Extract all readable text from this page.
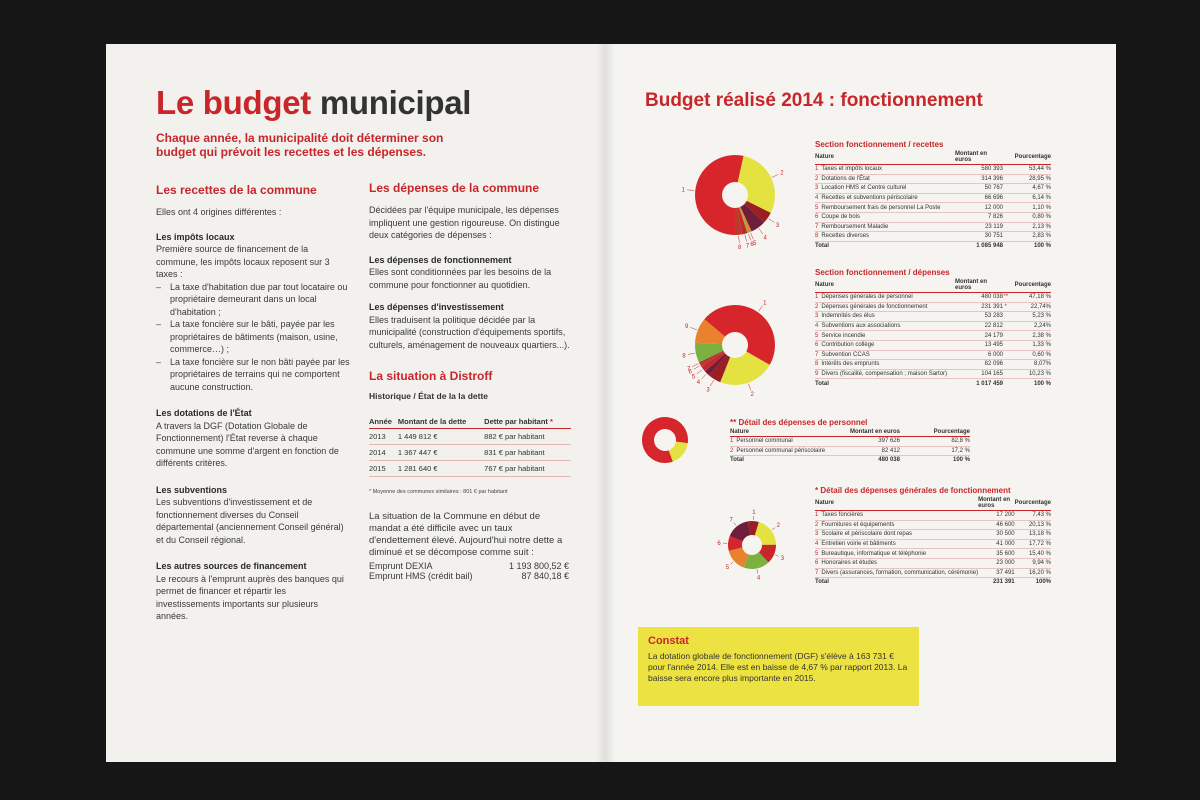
Le budget municipal
Chaque année, la municipalité doit déterminer son budget qui prévoit les recettes et les dépenses.
Les recettes de la commune

Elles ont 4 origines différentes :

Les impôts locaux
Première source de financement de la commune, les impôts locaux reposent sur 3 taxes :
– La taxe d'habitation due par tout locataire ou propriétaire demeurant dans un local d'habitation ;
– La taxe foncière sur le bâti, payée par les propriétaires de bâtiments (maison, usine, commerce…) ;
– La taxe foncière sur le non bâti payée par les propriétaires de terrains qui ne comportent aucune construction.
Les dotations de l'État

A travers la DGF (Dotation Globale de Fonctionnement) l'État reverse à chaque commune une somme d'argent en fonction de différents critères.

Les subventions

Les subventions d'investissement et de fonctionnement diverses du Conseil départemental (anciennement Conseil général) et du Conseil régional.

Les autres sources de financement

Le recours à l'emprunt auprès des banques qui permet de financer et répartir les investissements importants sur plusieurs années.

Les dépenses de la commune

Décidées par l'équipe municipale, les dépenses impliquent une gestion rigoureuse. On distingue deux catégories de dépenses :

Les dépenses de fonctionnement

Elles sont conditionnées par les besoins de la commune pour fonctionner au quotidien.

Les dépenses d'investissement

Elles traduisent la politique décidée par la municipalité (construction d'équipements sportifs, culturels, aménagement de nouveaux quartiers...).

La situation à Distroff
Historique / État de la la dette
Année	Montant de la dette	Dette par habitant *
2013	1 449 812 €	882 € par habitant
2014	1 367 447 €	831 € par habitant
2015	1 281 640 €	767 € par habitant
* Moyenne des communes similaires : 801 € par habitant
La situation de la Commune en début de mandat a été difficile avec un taux d'endettement élevé. Aujourd'hui notre dette a diminué et se décompose comme suit :
Emprunt DEXIA	1 193 800,52 €
Emprunt HMS (crédit bail)	87 840,18 €
Budget réalisé 2014 : fonctionnement
1
2
3
4
5
6
7
8
1
2
3
4
5
6
7
8
9
1
2
3
4
5
6
7
Section fonctionnement / recettes
Nature	Montant en euros	Pourcentage
1 Taxes et impôts locaux	580 393	53,44 %
2 Dotations de l'État	314 396	28,95 %
3 Location HMS et Centre culturel	50 767	4,67 %
4 Recettes et subventions périscolaire	66 696	6,14 %
5 Remboursement frais de personnel La Poste	12 000	1,10 %
6 Coupe de bois	7 826	0,80 %
7 Remboursement Maladie	23 119	2,13 %
8 Recettes diverses	30 751	2,83 %
Total	1 085 948	100 %
Section fonctionnement / dépenses
Nature	Montant en euros		Pourcentage
1 Dépenses générales de personnel	480 038	**	47,18 %
2 Dépenses générales de fonctionnement	231 391	*	22,74%
3 Indemnités des élus	53 283		5,23 %
4 Subventions aux associations	22 812		2,24%
5 Service incendie	24 179		2,38 %
6 Contribution collège	13 495		1,33 %
7 Subvention CCAS	6 000		0,60 %
8 Intérêts des emprunts	82 096		8,07%
9 Divers (fiscalité, compensation ; maison Sartor)	104 165		10,23 %
Total	1 017 459		100 %
** Détail des dépenses de personnel
Nature	Montant en euros	Pourcentage
1 Personnel communal	397 626	82,8 %
2 Personnel communal périscolaire	82 412	17,2 %
Total	480 038	100 %
* Détail des dépenses générales de fonctionnement
Nature	Montant en euros	Pourcentage
1 Taxes foncières	17 200	7,43 %
2 Fournitures et équipements	46 600	20,13 %
3 Scolaire et périscolaire dont repas	30 500	13,18 %
4 Entretien voirie et bâtiments	41 000	17,72 %
5 Bureautique, informatique et téléphonie	35 600	15,40 %
6 Honoraires et études	23 000	9,94 %
7 Divers (assurances, formation, communication, cérémonie)	37 491	16,20 %
Total	231 391	100%
Constat
La dotation globale de fonctionnement (DGF) s'élève à 163 731 € pour l'année 2014. Elle est en baisse de 4,67 % par rapport 2013. La baisse sera encore plus importante en 2015.
